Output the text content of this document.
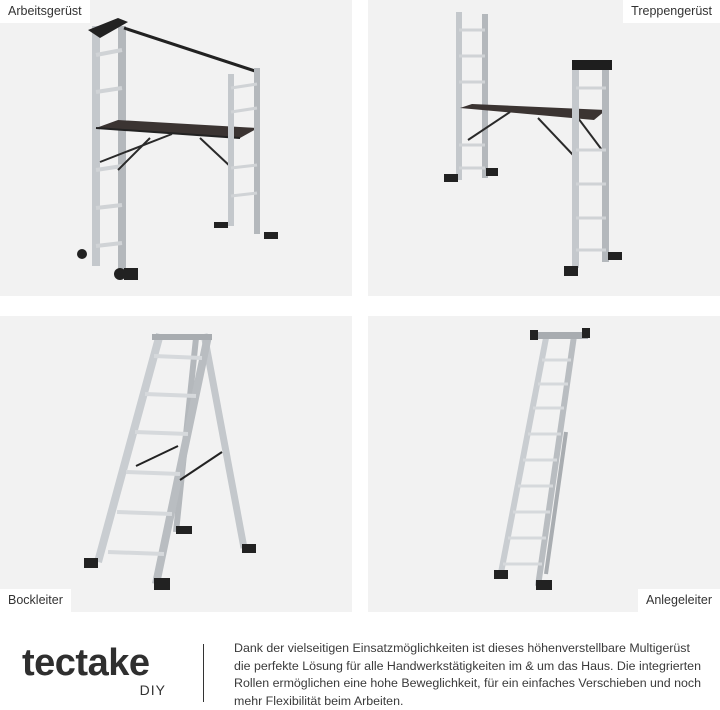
Arbeitsgerüst	Treppengerüst
Bockleiter	Anlegeleiter
tectake
DIY
Dank der vielseitigen Einsatzmöglichkeiten ist dieses höhenverstellbare Multigerüst die perfekte Lösung für alle Handwerkstätigkeiten im & um das Haus. Die integrierten Rollen ermöglichen eine hohe Beweglichkeit, für ein einfaches Verschieben und noch mehr Flexibilität beim Arbeiten.
